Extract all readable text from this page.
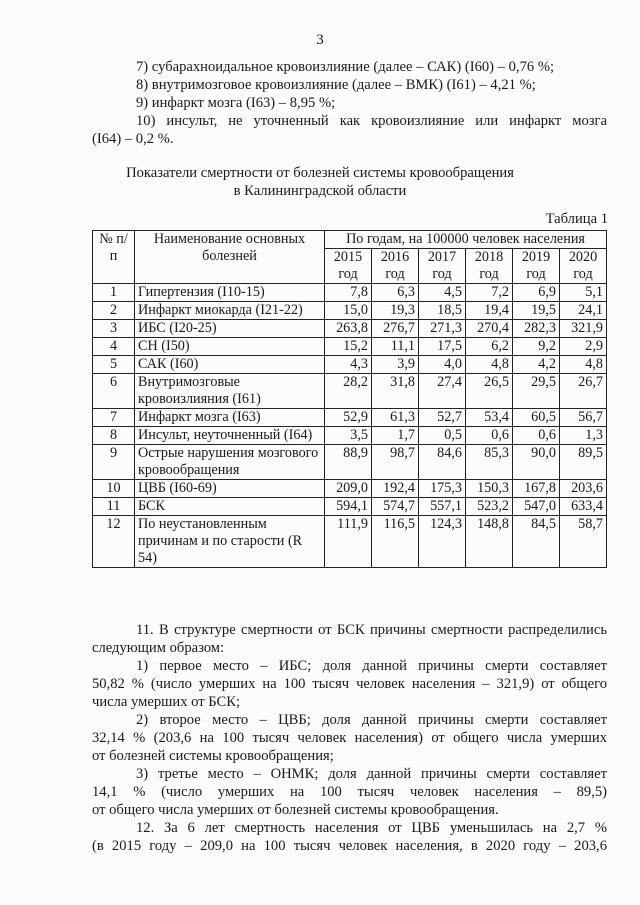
3
7) субарахноидальное кровоизлияние (далее – САК) (I60) – 0,76 %;
8) внутримозговое кровоизлияние (далее – ВМК) (I61) – 4,21 %;
9) инфаркт мозга (I63) – 8,95 %;
10) инсульт, не уточненный как кровоизлияние или инфаркт мозга
(I64) – 0,2 %.
Показатели смертности от болезней системы кровообращения
в Калининградской области
Таблица 1
№ п/п	Наименование основных болезней	По годам, на 100000 человек населения					
		2015 год	2016 год	2017 год	2018 год	2019 год	2020 год
1	Гипертензия (I10-15)	7,8	6,3	4,5	7,2	6,9	5,1
2	Инфаркт миокарда (I21-22)	15,0	19,3	18,5	19,4	19,5	24,1
3	ИБС (I20-25)	263,8	276,7	271,3	270,4	282,3	321,9
4	СН (I50)	15,2	11,1	17,5	6,2	9,2	2,9
5	САК (I60)	4,3	3,9	4,0	4,8	4,2	4,8
6	Внутримозговые кровоизлияния (I61)	28,2	31,8	27,4	26,5	29,5	26,7
7	Инфаркт мозга (I63)	52,9	61,3	52,7	53,4	60,5	56,7
8	Инсульт, неуточненный (I64)	3,5	1,7	0,5	0,6	0,6	1,3
9	Острые нарушения мозгового кровообращения	88,9	98,7	84,6	85,3	90,0	89,5
10	ЦВБ (I60-69)	209,0	192,4	175,3	150,3	167,8	203,6
11	БСК	594,1	574,7	557,1	523,2	547,0	633,4
12	По неустановленным причинам и по старости (R 54)	111,9	116,5	124,3	148,8	84,5	58,7
11. В структуре смертности от БСК причины смертности распределились
следующим образом:
1) первое место – ИБС; доля данной причины смерти составляет
50,82 % (число умерших на 100 тысяч человек населения – 321,9) от общего
числа умерших от БСК;
2) второе место – ЦВБ; доля данной причины смерти составляет
32,14 % (203,6 на 100 тысяч человек населения) от общего числа умерших
от болезней системы кровообращения;
3) третье место – ОНМК; доля данной причины смерти составляет
14,1 % (число умерших на 100 тысяч человек населения – 89,5)
от общего числа умерших от болезней системы кровообращения.
12. За 6 лет смертность населения от ЦВБ уменьшилась на 2,7 %
(в 2015 году – 209,0 на 100 тысяч человек населения, в 2020 году – 203,6
